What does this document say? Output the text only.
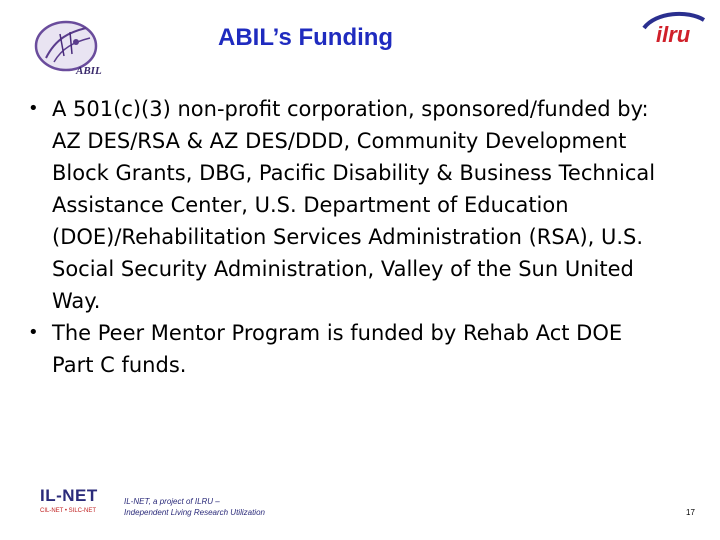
ABIL
ABIL’s Funding	ilru
• A 501(c)(3) non-profit corporation, sponsored/funded by:
AZ DES/RSA & AZ DES/DDD, Community Development
Block Grants, DBG, Pacific Disability & Business Technical
Assistance Center, U.S. Department of Education
(DOE)/Rehabilitation Services Administration (RSA), U.S.
Social Security Administration, Valley of the Sun United
Way.
• The Peer Mentor Program is funded by Rehab Act DOE
Part C funds.
IL-NET
CIL-NET • SILC-NET
IL-NET, a project of ILRU –
Independent Living Research Utilization	17
